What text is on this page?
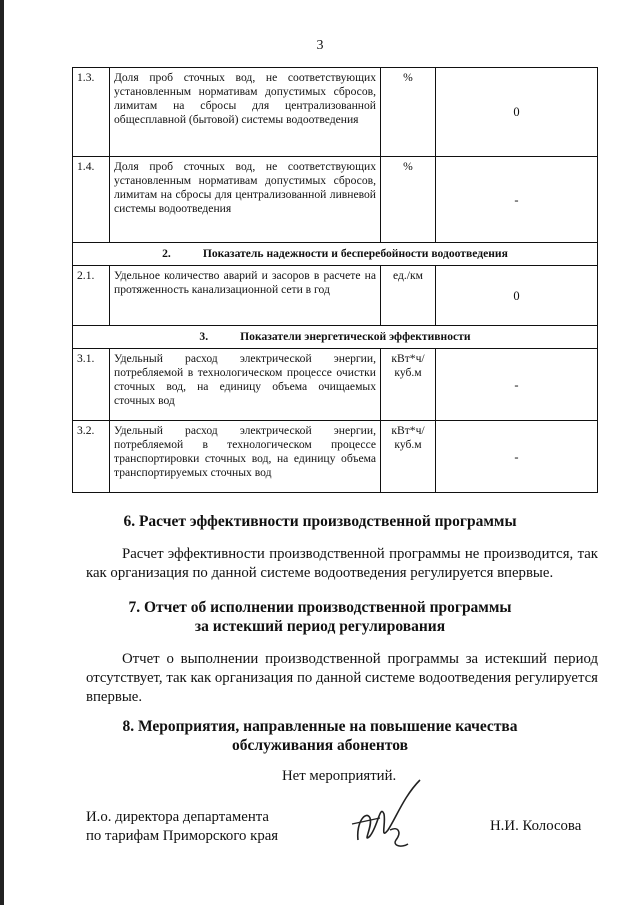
3
1.3.	Доля проб сточных вод, не соответствующих установленным нормативам допустимых сбросов, лимитам на сбросы для централизованной общесплавной (бытовой) системы водоотведения	%	0
1.4.	Доля проб сточных вод, не соответствующих установленным нормативам допустимых сбросов, лимитам на сбросы для централизованной ливневой системы водоотведения	%	-
2. Показатель надежности и бесперебойности водоотведения			
2.1.	Удельное количество аварий и засоров в расчете на протяженность канализационной сети в год	ед./км	0
3. Показатели энергетической эффективности			
3.1.	Удельный расход электрической энергии, потребляемой в технологическом процессе очистки сточных вод, на единицу объема очищаемых сточных вод	кВт*ч/куб.м	-
3.2.	Удельный расход электрической энергии, потребляемой в технологическом процессе транспортировки сточных вод, на единицу объема транспортируемых сточных вод	кВт*ч/куб.м	-
6. Расчет эффективности производственной программы

Расчет эффективности производственной программы не производится, так как организация по данной системе водоотведения регулируется впервые.

7. Отчет об исполнении производственной программы
за истекший период регулирования

Отчет о выполнении производственной программы за истекший период отсутствует, так как организация по данной системе водоотведения регулируется впервые.

8. Мероприятия, направленные на повышение качества
обслуживания абонентов
Нет мероприятий.
И.о. директора департамента
по тарифам Приморского края
Н.И. Колосова
